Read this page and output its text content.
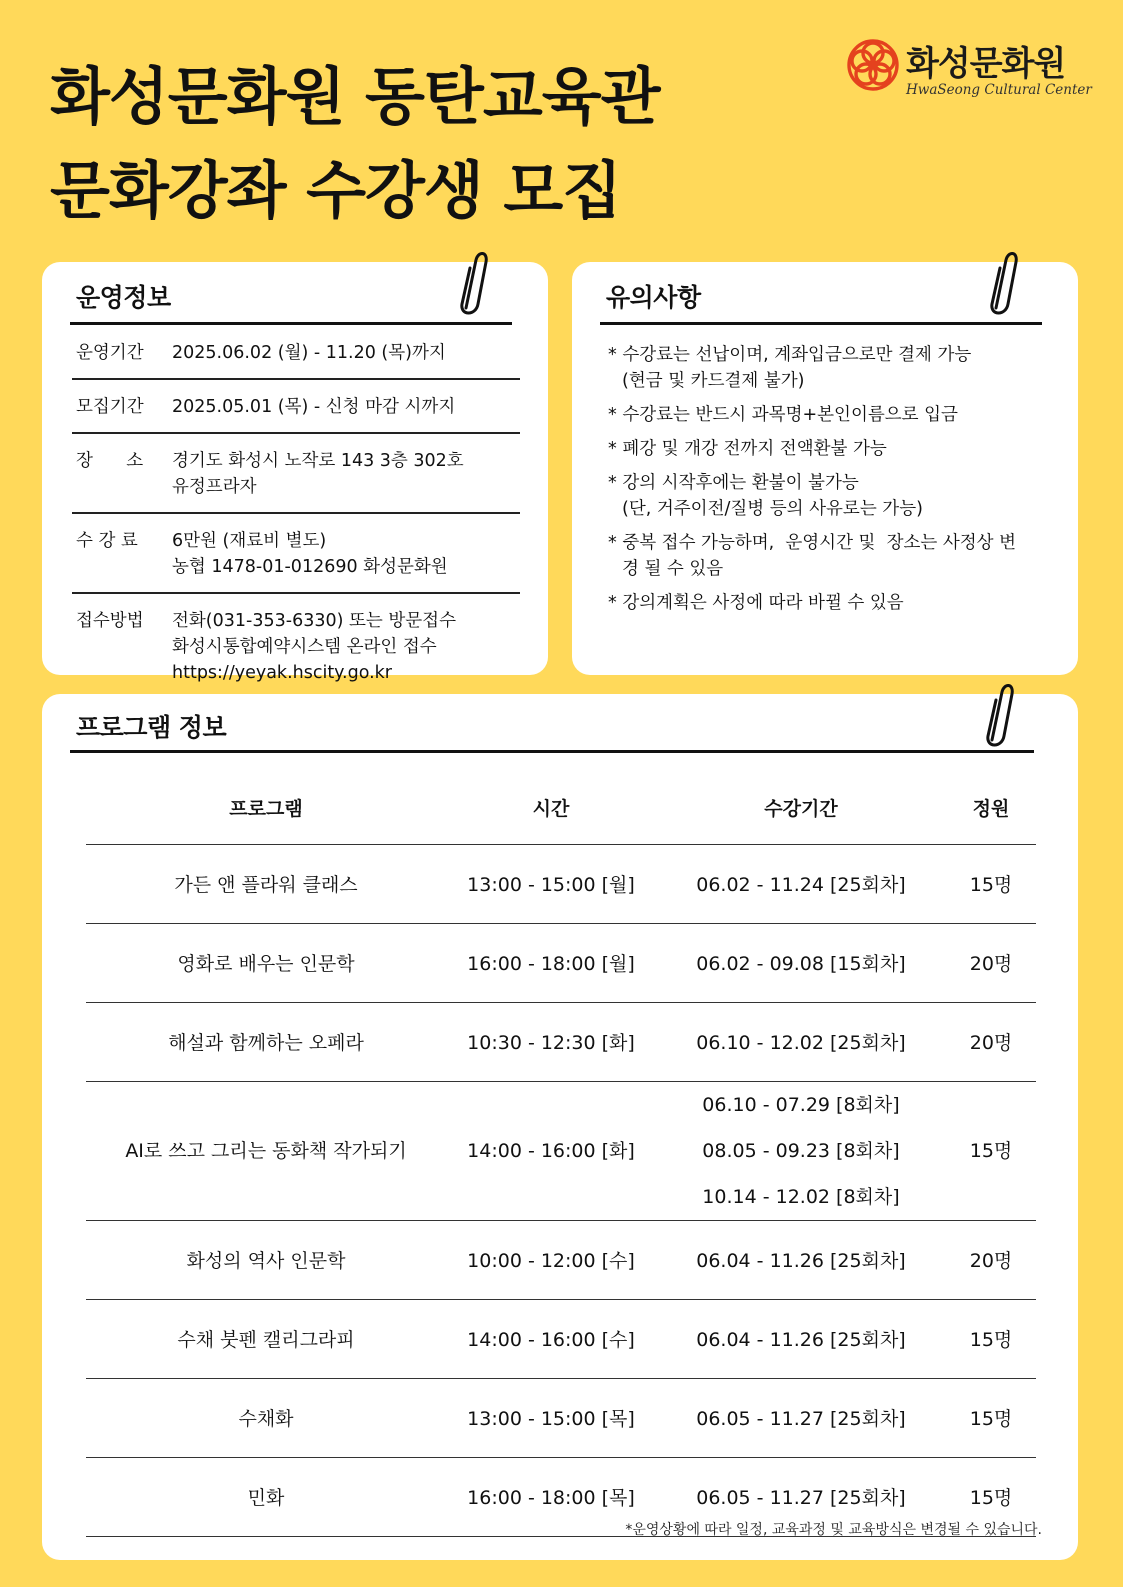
화성문화원 동탄교육관
문화강좌 수강생 모집
화성문화원
HwaSeong Cultural Center
운영정보
운영기간	2025.06.02 (월) - 11.20 (목)까지
모집기간	2025.05.01 (목) - 신청 마감 시까지
장      소	경기도 화성시 노작로 143 3층 302호
유정프라자
수 강 료	6만원 (재료비 별도)
농협 1478-01-012690 화성문화원
접수방법	전화(031-353-6330) 또는 방문접수
화성시통합예약시스템 온라인 접수
https://yeyak.hscity.go.kr
유의사항
* 수강료는 선납이며, 계좌입금으로만 결제 가능
(현금 및 카드결제 불가)
* 수강료는 반드시 과목명+본인이름으로 입금
* 폐강 및 개강 전까지 전액환불 가능
* 강의 시작후에는 환불이 불가능
(단, 거주이전/질병 등의 사유로는 가능)
* 중복 접수 가능하며,  운영시간 및  장소는 사정상 변
경 될 수 있음
* 강의계획은 사정에 따라 바뀔 수 있음
프로그램 정보
프로그램	시간	수강기간	정원
가든 앤 플라워 클래스	13:00 - 15:00 [월]	06.02 - 11.24 [25회차]	15명
영화로 배우는 인문학	16:00 - 18:00 [월]	06.02 - 09.08 [15회차]	20명
해설과 함께하는 오페라	10:30 - 12:30 [화]	06.10 - 12.02 [25회차]	20명
AI로 쓰고 그리는 동화책 작가되기	14:00 - 16:00 [화]	06.10 - 07.29 [8회차]
08.05 - 09.23 [8회차]
10.14 - 12.02 [8회차]	15명
화성의 역사 인문학	10:00 - 12:00 [수]	06.04 - 11.26 [25회차]	20명
수채 붓펜 캘리그라피	14:00 - 16:00 [수]	06.04 - 11.26 [25회차]	15명
수채화	13:00 - 15:00 [목]	06.05 - 11.27 [25회차]	15명
민화	16:00 - 18:00 [목]	06.05 - 11.27 [25회차]	15명
*운영상황에 따라 일정, 교육과정 및 교육방식은 변경될 수 있습니다.
